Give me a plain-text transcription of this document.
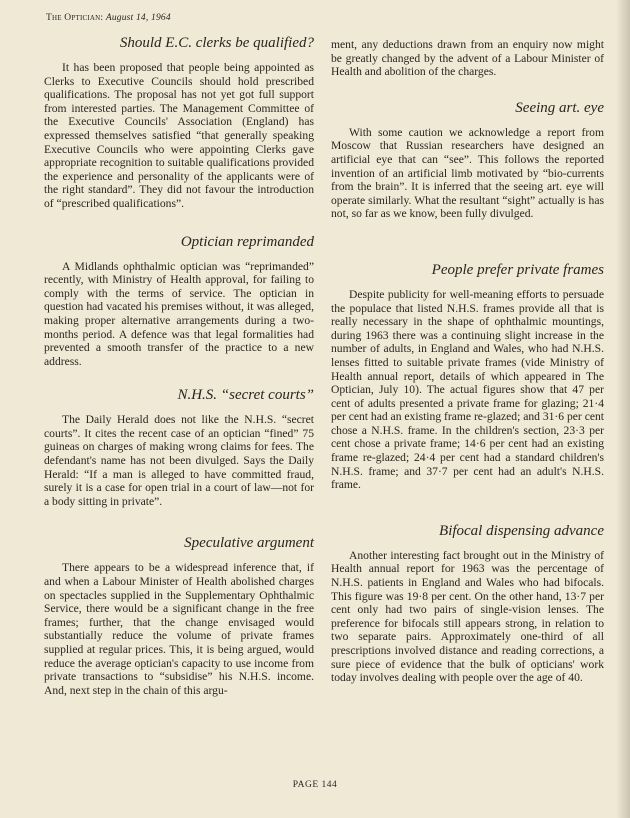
The Optician: August 14, 1964
Should E.C. clerks be qualified?

It has been proposed that people being appointed as Clerks to Executive Councils should hold prescribed qualifications. The proposal has not yet got full support from interested parties. The Management Committee of the Executive Councils' Association (England) has expressed themselves satisfied “that generally speaking Executive Councils who were appointing Clerks gave appropriate recognition to suitable qualifications provided the experience and personality of the applicants were of the right standard”. They did not favour the introduction of “prescribed qualifications”.

Optician reprimanded

A Midlands ophthalmic optician was “reprimanded” recently, with Ministry of Health approval, for failing to comply with the terms of service. The optician in question had vacated his premises without, it was alleged, making proper alternative arrangements during a two-months period. A defence was that legal formalities had prevented a smooth transfer of the practice to a new address.

N.H.S. “secret courts”

The Daily Herald does not like the N.H.S. “secret courts”. It cites the recent case of an optician “fined” 75 guineas on charges of making wrong claims for fees. The defendant's name has not been divulged. Says the Daily Herald: “If a man is alleged to have committed fraud, surely it is a case for open trial in a court of law—not for a body sitting in private”.

Speculative argument

There appears to be a widespread inference that, if and when a Labour Minister of Health abolished charges on spectacles supplied in the Supplementary Ophthalmic Service, there would be a significant change in the free frames; further, that the change envisaged would substantially reduce the volume of private frames supplied at regular prices. This, it is being argued, would reduce the average optician's capacity to use income from private transactions to “subsidise” his N.H.S. income. And, next step in the chain of this argu-

ment, any deductions drawn from an enquiry now might be greatly changed by the advent of a Labour Minister of Health and abolition of the charges.

Seeing art. eye

With some caution we acknowledge a report from Moscow that Russian researchers have designed an artificial eye that can “see”. This follows the reported invention of an artificial limb motivated by “bio-currents from the brain”. It is inferred that the seeing art. eye will operate similarly. What the resultant “sight” actually is has not, so far as we know, been fully divulged.

People prefer private frames

Despite publicity for well-meaning efforts to persuade the populace that listed N.H.S. frames provide all that is really necessary in the shape of ophthalmic mountings, during 1963 there was a continuing slight increase in the number of adults, in England and Wales, who had N.H.S. lenses fitted to suitable private frames (vide Ministry of Health annual report, details of which appeared in The Optician, July 10). The actual figures show that 47 per cent of adults presented a private frame for glazing; 21·4 per cent had an existing frame re-glazed; and 31·6 per cent chose a N.H.S. frame. In the children's section, 23·3 per cent chose a private frame; 14·6 per cent had an existing frame re-glazed; 24·4 per cent had a standard children's N.H.S. frame; and 37·7 per cent had an adult's N.H.S. frame.

Bifocal dispensing advance

Another interesting fact brought out in the Ministry of Health annual report for 1963 was the percentage of N.H.S. patients in England and Wales who had bifocals. This figure was 19·8 per cent. On the other hand, 13·7 per cent only had two pairs of single-vision lenses. The preference for bifocals still appears strong, in relation to two separate pairs. Approximately one-third of all prescriptions involved distance and reading corrections, a sure piece of evidence that the bulk of opticians' work today involves dealing with people over the age of 40.

PAGE 144
